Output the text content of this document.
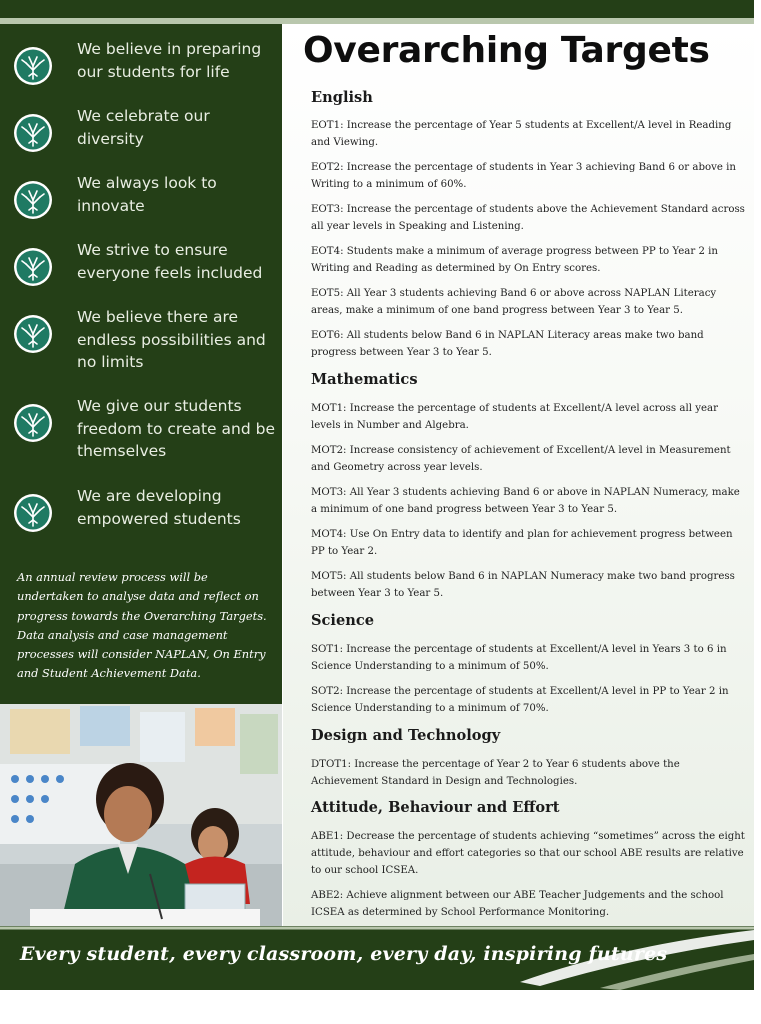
We believe in preparing our students for life
We celebrate our diversity
We always look to innovate
We strive to ensure everyone feels included
We believe there are endless possibilities and no limits
We give our students freedom to create and be themselves
We are developing empowered students
An annual review process will be undertaken to analyse data and reflect on progress towards the Overarching Targets. Data analysis and case management processes will consider NAPLAN, On Entry and Student Achievement Data.
Overarching Targets
English

EOT1: Increase the percentage of Year 5 students at Excellent/A level in Reading and Viewing.

EOT2: Increase the percentage of students in Year 3 achieving Band 6 or above in Writing to a minimum of 60%.

EOT3: Increase the percentage of students above the Achievement Standard across all year levels in Speaking and Listening.

EOT4: Students make a minimum of average progress between PP to Year 2 in Writing and Reading as determined by On Entry scores.

EOT5: All Year 3 students achieving Band 6 or above across NAPLAN Literacy areas, make a minimum of one band progress between Year 3 to Year 5.

EOT6: All students below Band 6 in NAPLAN Literacy areas make two band progress between Year 3 to Year 5.

Mathematics

MOT1: Increase the percentage of students at Excellent/A level across all year levels in Number and Algebra.

MOT2: Increase consistency of achievement of Excellent/A level in Measurement and Geometry across year levels.

MOT3: All Year 3 students achieving Band 6 or above in NAPLAN Numeracy, make a minimum of one band progress between Year 3 to Year 5.

MOT4: Use On Entry data to identify and plan for achievement progress between PP to Year 2.

MOT5: All students below Band 6 in NAPLAN Numeracy make two band progress between Year 3 to Year 5.

Science

SOT1: Increase the percentage of students at Excellent/A level in Years 3 to 6 in Science Understanding to a minimum of 50%.

SOT2: Increase the percentage of students at Excellent/A level in PP to Year 2 in Science Understanding to a minimum of 70%.

Design and Technology

DTOT1: Increase the percentage of Year 2 to Year 6 students above the Achievement Standard in Design and Technologies.

Attitude, Behaviour and Effort

ABE1: Decrease the percentage of students achieving “sometimes” across the eight attitude, behaviour and effort categories so that our school ABE results are relative to our school ICSEA.

ABE2: Achieve alignment between our ABE Teacher Judgements and the school ICSEA as determined by School Performance Monitoring.

Every student, every classroom, every day, inspiring futures
